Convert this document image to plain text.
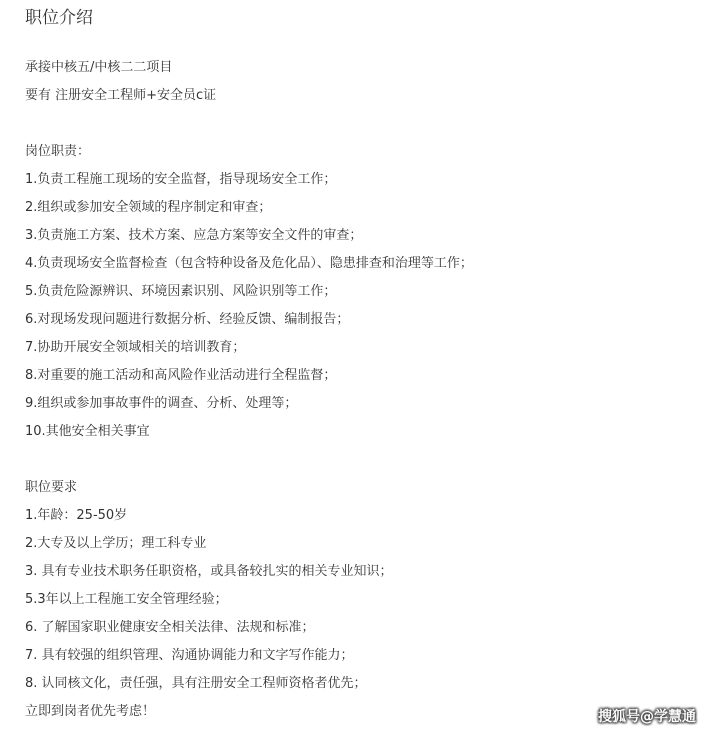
职位介绍
承接中核五/中核二二项目
要有 注册安全工程师+安全员c证
岗位职责：
1.负责工程施工现场的安全监督，指导现场安全工作；
2.组织或参加安全领域的程序制定和审查；
3.负责施工方案、技术方案、应急方案等安全文件的审查；
4.负责现场安全监督检查（包含特种设备及危化品）、隐患排查和治理等工作；
5.负责危险源辨识、环境因素识别、风险识别等工作；
6.对现场发现问题进行数据分析、经验反馈、编制报告；
7.协助开展安全领域相关的培训教育；
8.对重要的施工活动和高风险作业活动进行全程监督；
9.组织或参加事故事件的调查、分析、处理等；
10.其他安全相关事宜
职位要求
1.年龄：25-50岁
2.大专及以上学历；理工科专业
3. 具有专业技术职务任职资格，或具备较扎实的相关专业知识；
5.3年以上工程施工安全管理经验；
6. 了解国家职业健康安全相关法律、法规和标准；
7. 具有较强的组织管理、沟通协调能力和文字写作能力；
8. 认同核文化，责任强，具有注册安全工程师资格者优先；
立即到岗者优先考虑！	搜狐号@学慧通
